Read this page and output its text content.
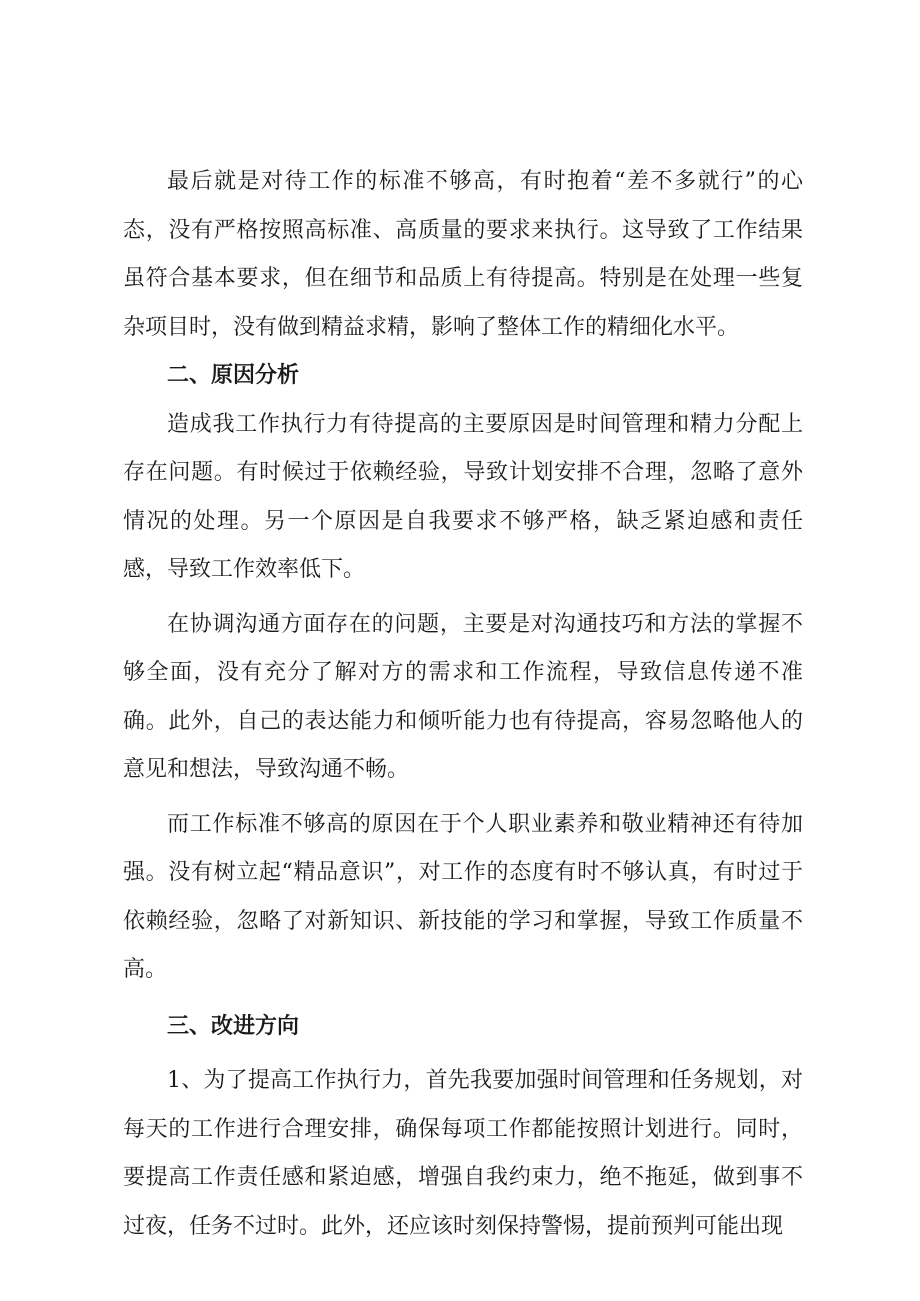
最后就是对待工作的标准不够高，有时抱着“差不多就行”的心态，没有严格按照高标准、高质量的要求来执行。这导致了工作结果虽符合基本要求，但在细节和品质上有待提高。特别是在处理一些复杂项目时，没有做到精益求精，影响了整体工作的精细化水平。

二、原因分析

造成我工作执行力有待提高的主要原因是时间管理和精力分配上存在问题。有时候过于依赖经验，导致计划安排不合理，忽略了意外情况的处理。另一个原因是自我要求不够严格，缺乏紧迫感和责任感，导致工作效率低下。

在协调沟通方面存在的问题，主要是对沟通技巧和方法的掌握不够全面，没有充分了解对方的需求和工作流程，导致信息传递不准确。此外，自己的表达能力和倾听能力也有待提高，容易忽略他人的意见和想法，导致沟通不畅。

而工作标准不够高的原因在于个人职业素养和敬业精神还有待加强。没有树立起“精品意识”，对工作的态度有时不够认真，有时过于依赖经验，忽略了对新知识、新技能的学习和掌握，导致工作质量不高。

三、改进方向

1、为了提高工作执行力，首先我要加强时间管理和任务规划，对每天的工作进行合理安排，确保每项工作都能按照计划进行。同时，要提高工作责任感和紧迫感，增强自我约束力，绝不拖延，做到事不过夜，任务不过时。此外，还应该时刻保持警惕，提前预判可能出现
